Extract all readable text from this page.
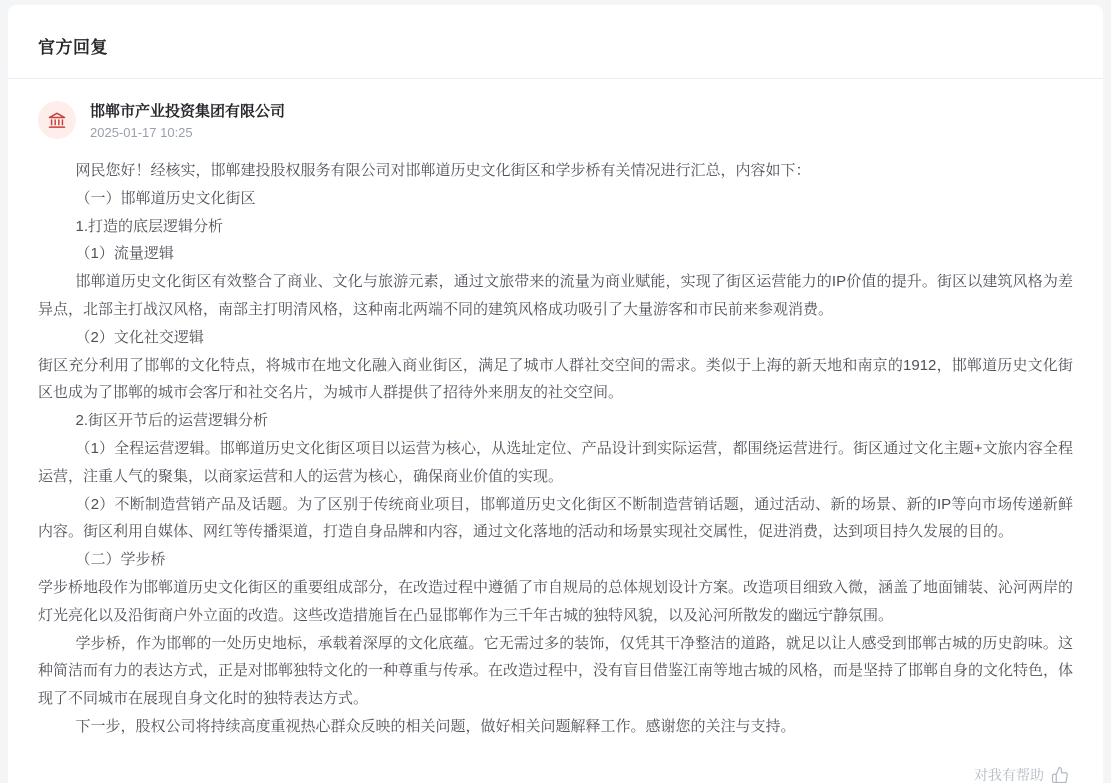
官方回复
邯郸市产业投资集团有限公司
2025-01-17 10:25

网民您好！经核实，邯郸建投股权服务有限公司对邯郸道历史文化街区和学步桥有关情况进行汇总，内容如下：

（一）邯郸道历史文化街区

1.打造的底层逻辑分析

（1）流量逻辑

邯郸道历史文化街区有效整合了商业、文化与旅游元素，通过文旅带来的流量为商业赋能，实现了街区运营能力的IP价值的提升。街区以建筑风格为差异点，北部主打战汉风格，南部主打明清风格，这种南北两端不同的建筑风格成功吸引了大量游客和市民前来参观消费。

（2）文化社交逻辑

街区充分利用了邯郸的文化特点，将城市在地文化融入商业街区，满足了城市人群社交空间的需求。类似于上海的新天地和南京的1912，邯郸道历史文化街区也成为了邯郸的城市会客厅和社交名片，为城市人群提供了招待外来朋友的社交空间。

2.街区开节后的运营逻辑分析

（1）全程运营逻辑。邯郸道历史文化街区项目以运营为核心，从选址定位、产品设计到实际运营，都围绕运营进行。街区通过文化主题+文旅内容全程运营，注重人气的聚集，以商家运营和人的运营为核心，确保商业价值的实现。

（2）不断制造营销产品及话题。为了区别于传统商业项目，邯郸道历史文化街区不断制造营销话题，通过活动、新的场景、新的IP等向市场传递新鲜内容。街区利用自媒体、网红等传播渠道，打造自身品牌和内容，通过文化落地的活动和场景实现社交属性，促进消费，达到项目持久发展的目的。

（二）学步桥

学步桥地段作为邯郸道历史文化街区的重要组成部分，在改造过程中遵循了市自规局的总体规划设计方案。改造项目细致入微，涵盖了地面铺装、沁河两岸的灯光亮化以及沿街商户外立面的改造。这些改造措施旨在凸显邯郸作为三千年古城的独特风貌，以及沁河所散发的幽远宁静氛围。

学步桥，作为邯郸的一处历史地标，承载着深厚的文化底蕴。它无需过多的装饰，仅凭其干净整洁的道路，就足以让人感受到邯郸古城的历史韵味。这种简洁而有力的表达方式，正是对邯郸独特文化的一种尊重与传承。在改造过程中，没有盲目借鉴江南等地古城的风格，而是坚持了邯郸自身的文化特色，体现了不同城市在展现自身文化时的独特表达方式。

下一步，股权公司将持续高度重视热心群众反映的相关问题，做好相关问题解释工作。感谢您的关注与支持。

对我有帮助
